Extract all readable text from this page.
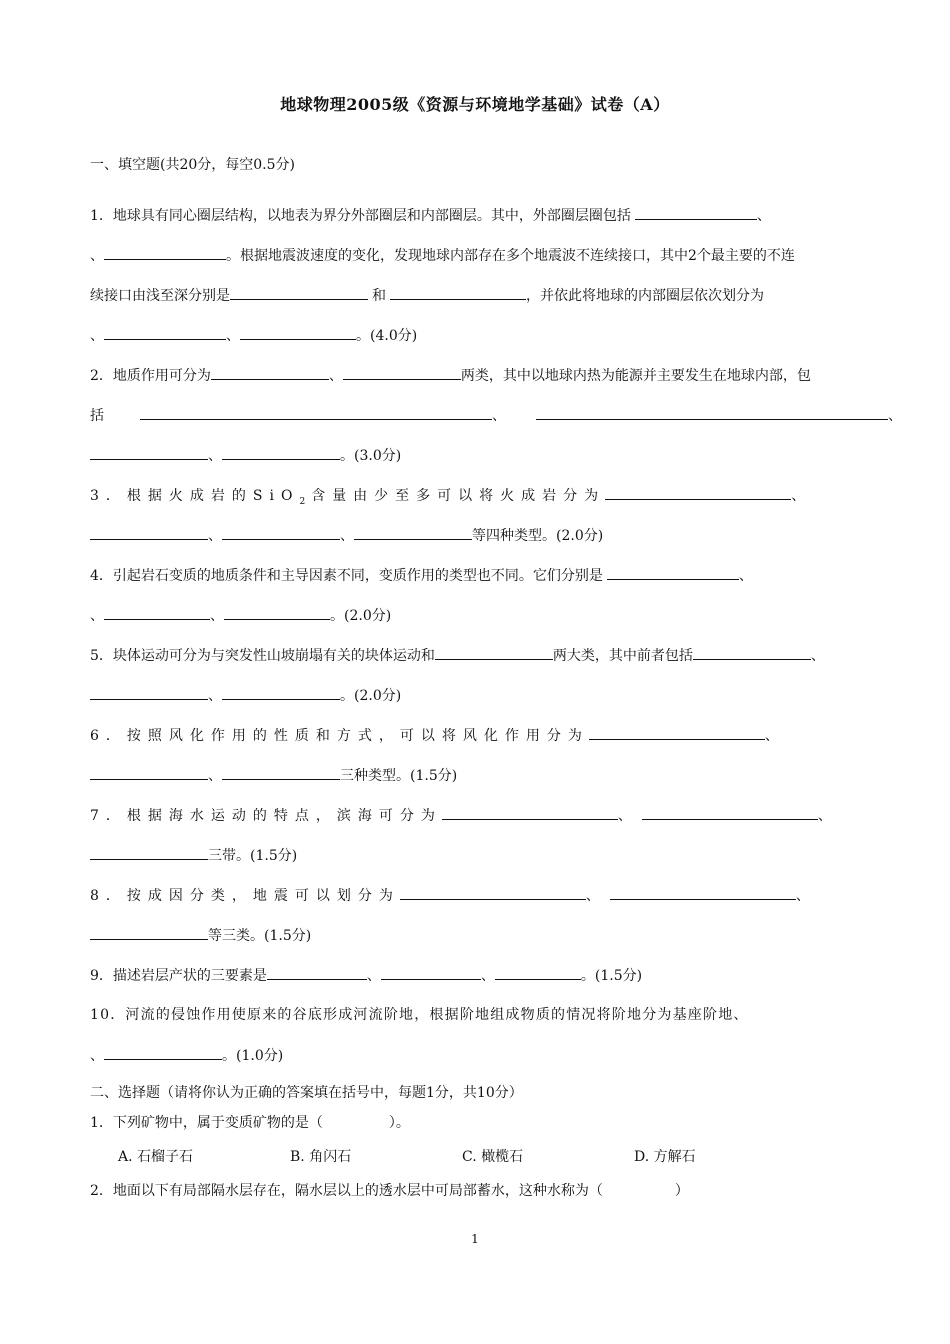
地球物理2005级《资源与环境地学基础》试卷（A）
一、填空题(共20分，每空0.5分)
1．地球具有同心圈层结构，以地表为界分外部圈层和内部圈层。其中，外部圈层圈包括	、
、	。根据地震波速度的变化，发现地球内部存在多个地震波不连续接口，其中2个最主要的不连
续接口由浅至深分别是	和	，并依此将地球的内部圈层依次划分为
、	、	。(4.0分)
2．地质作用可分为	、	两类，其中以地球内热为能源并主要发生在地球内部，包
括	、	、
、	。(3.0分)
3．根据火成岩的SiO$_2$ 含量由少至多可以将火成岩分为	、
、	、	等四种类型。(2.0分)
4．引起岩石变质的地质条件和主导因素不同，变质作用的类型也不同。它们分别是	、
、	、	。(2.0分)
5．块体运动可分为与突发性山坡崩塌有关的块体运动和	两大类，其中前者包括	、
、	。(2.0分)
6．按照风化作用的性质和方式，可以将风化作用分为	、
、	三种类型。(1.5分)
7．根据海水运动的特点，滨海可分为	、	、
三带。(1.5分)
8．按成因分类，地震可以划分为	、	、
等三类。(1.5分)
9．描述岩层产状的三要素是	、	、	。(1.5分)
10．河流的侵蚀作用使原来的谷底形成河流阶地，根据阶地组成物质的情况将阶地分为基座阶地、
、	。(1.0分)
二、选择题（请将你认为正确的答案填在括号中，每题1分，共10分）
1．下列矿物中，属于变质矿物的是（	）。
A. 石榴子石	B. 角闪石	C. 橄榄石	D. 方解石
2．地面以下有局部隔水层存在，隔水层以上的透水层中可局部蓄水，这种水称为（	）
1
